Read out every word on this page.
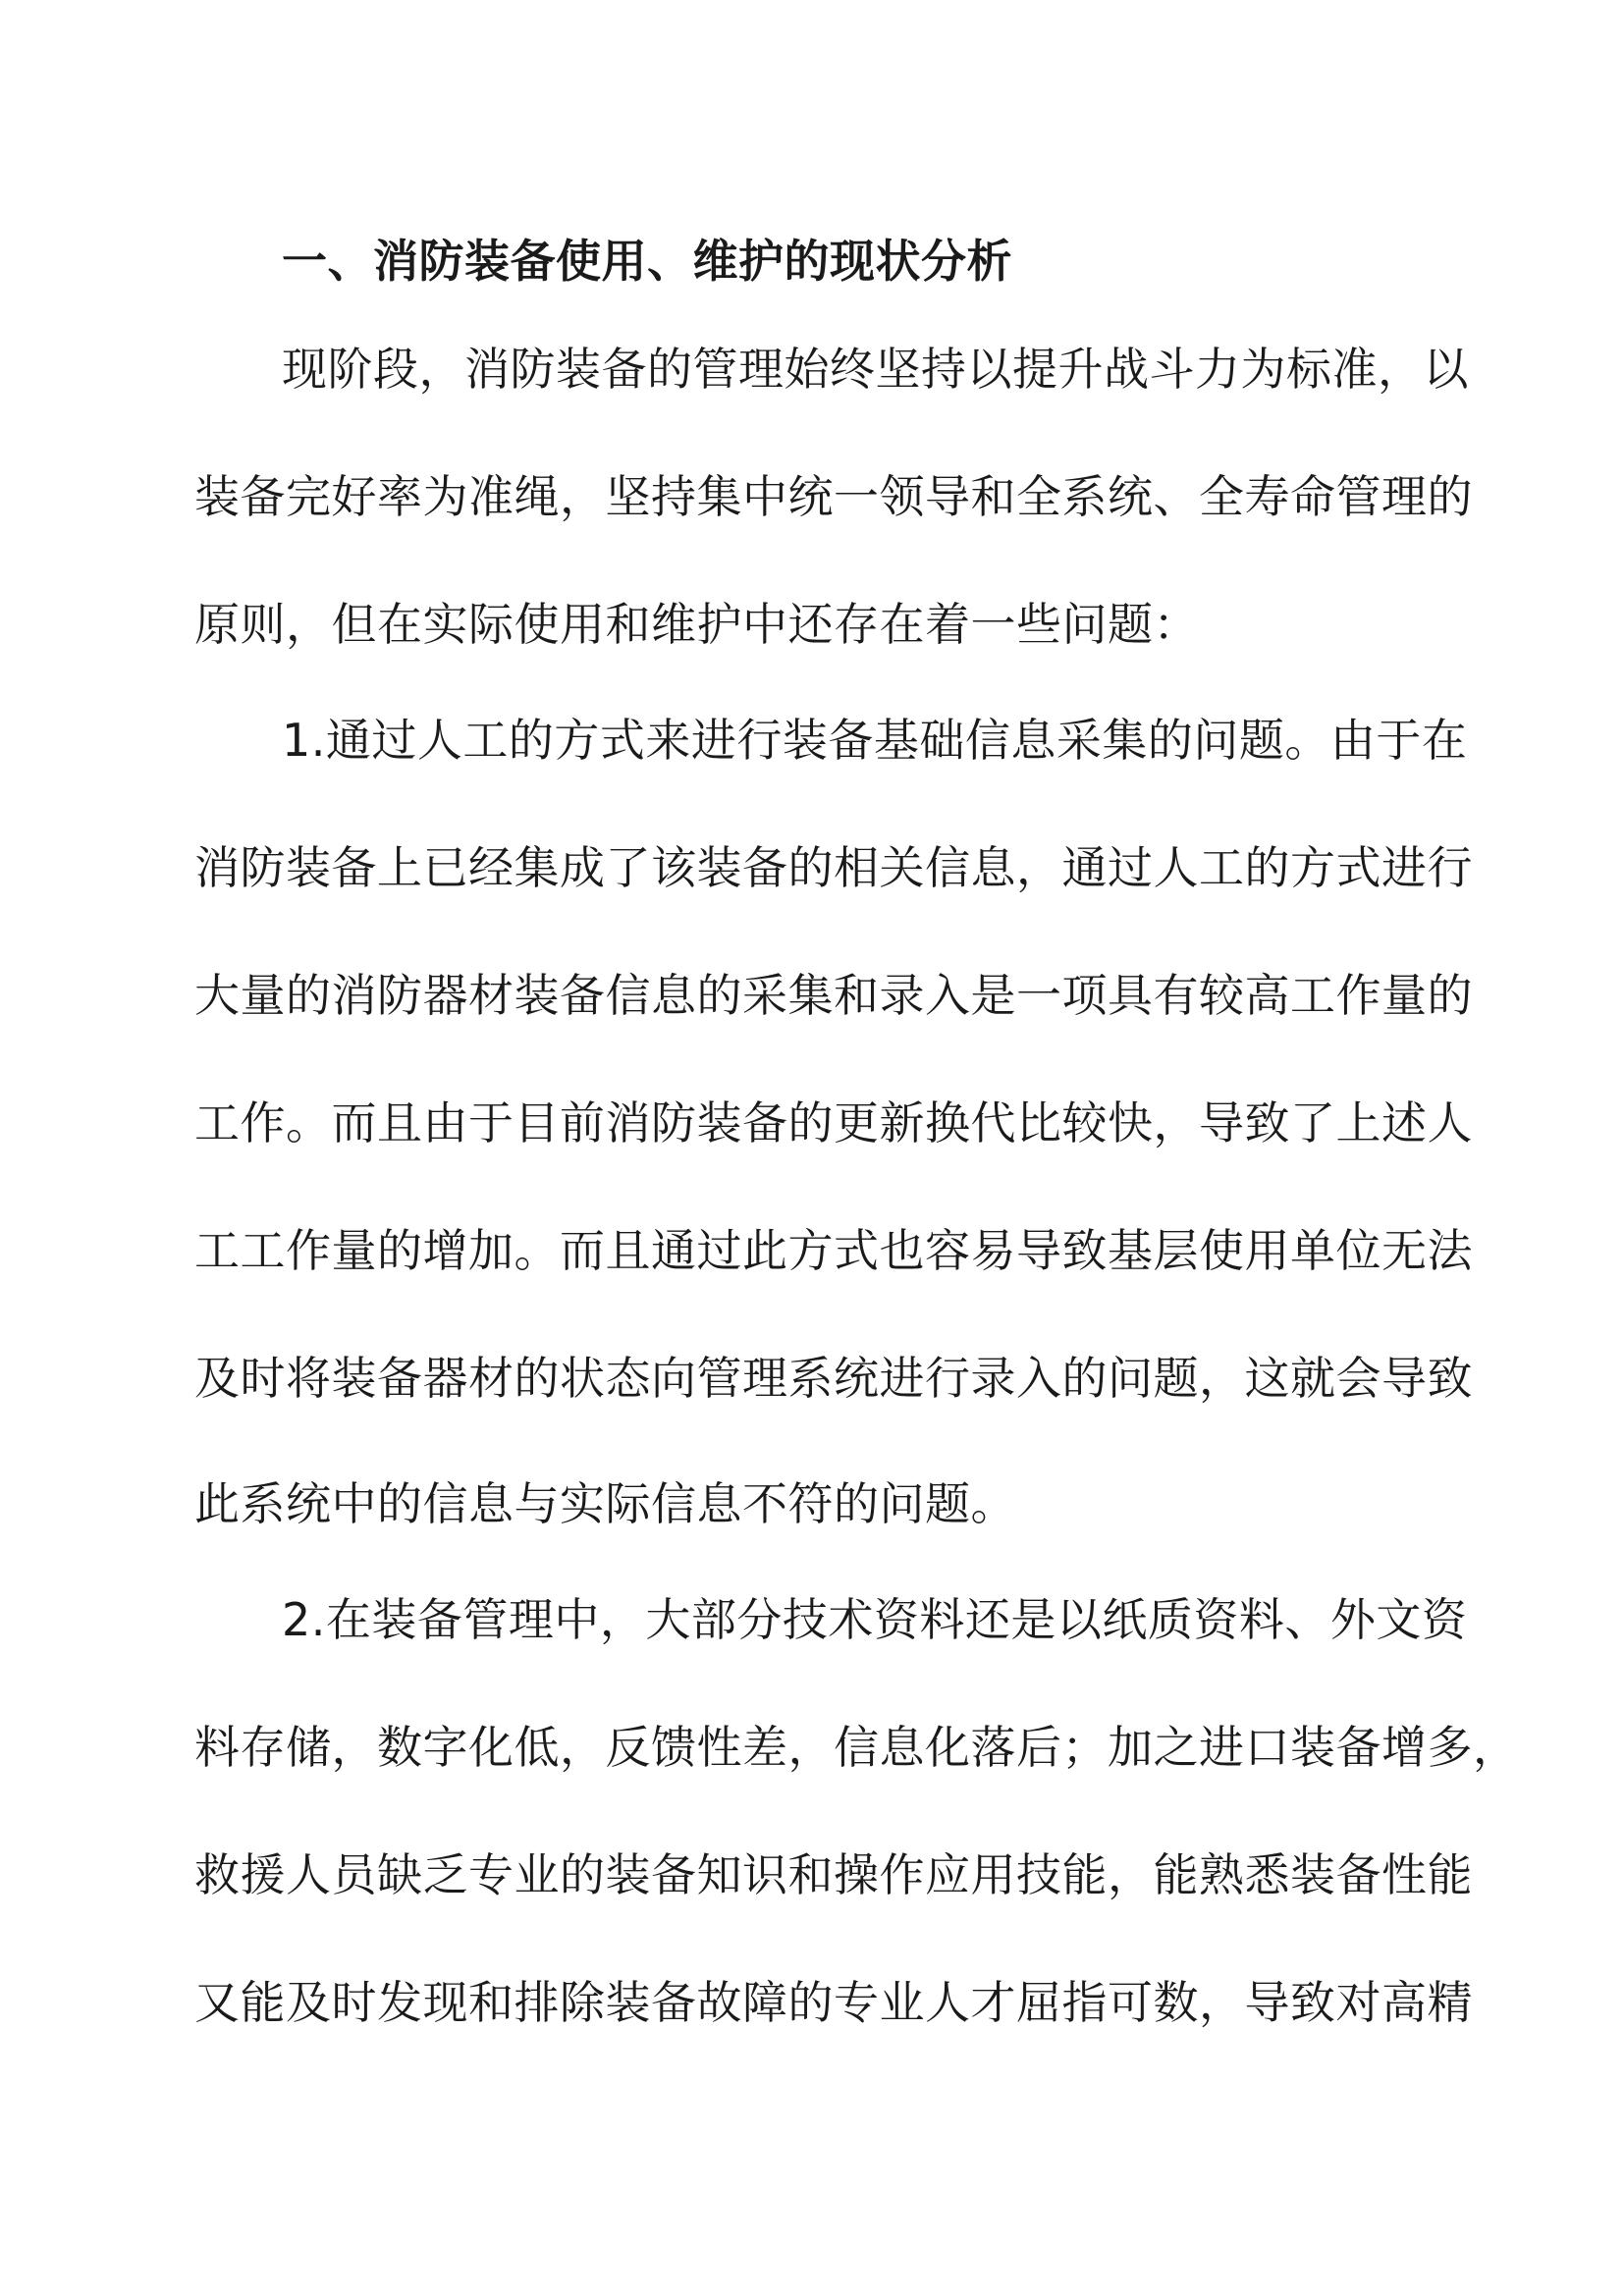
一、消防装备使用、维护的现状分析
现阶段，消防装备的管理始终坚持以提升战斗力为标准，以
装备完好率为准绳，坚持集中统一领导和全系统、全寿命管理的
原则，但在实际使用和维护中还存在着一些问题：
1.通过人工的方式来进行装备基础信息采集的问题。由于在
消防装备上已经集成了该装备的相关信息，通过人工的方式进行
大量的消防器材装备信息的采集和录入是一项具有较高工作量的
工作。而且由于目前消防装备的更新换代比较快，导致了上述人
工工作量的增加。而且通过此方式也容易导致基层使用单位无法
及时将装备器材的状态向管理系统进行录入的问题，这就会导致
此系统中的信息与实际信息不符的问题。
2.在装备管理中，大部分技术资料还是以纸质资料、外文资
料存储，数字化低，反馈性差，信息化落后；加之进口装备增多，
救援人员缺乏专业的装备知识和操作应用技能，能熟悉装备性能
又能及时发现和排除装备故障的专业人才屈指可数，导致对高精
